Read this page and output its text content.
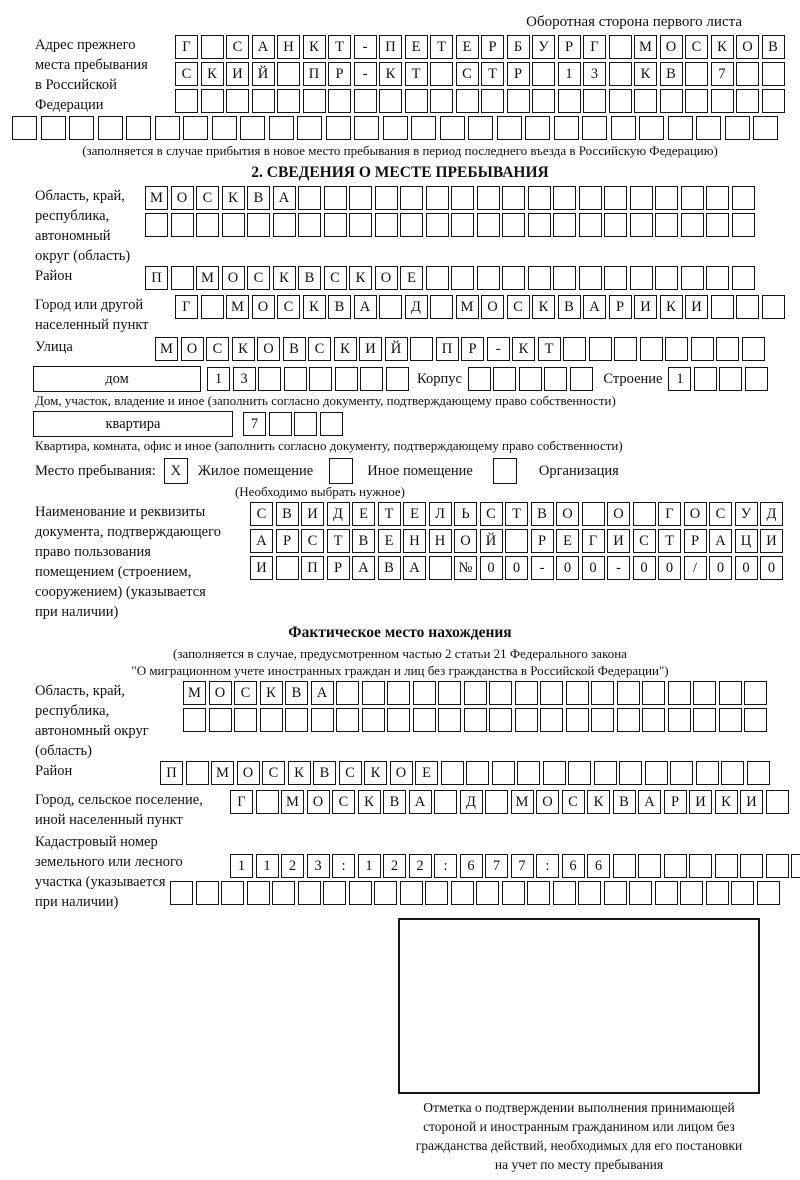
Оборотная сторона первого листа
Адрес прежнего
места пребывания
в Российской
Федерации
Г	С	А	Н	К	Т	-	П	Е	Т	Е	Р	Б	У	Р	Г	М О	С	К	О	В
С	К	И	Й	П	Р	-	К	Т	С	Т	Р	1	3	К	В	7
(заполняется в случае прибытия в новое место пребывания в период последнего въезда в Российскую Федерацию)
2. СВЕДЕНИЯ О МЕСТЕ ПРЕБЫВАНИЯ
Область, край,
республика,
автономный
округ (область)
М О	С	К	В	А
Район	П	М О	С	К	В	С	К	О	Е
Город или другой
населенный пункт
Г	М О	С	К	В	А	Д	М О	С	К	В	А	Р	И	К	И
Улица	М О	С	К	О	В	С	К	И	Й	П	Р	-	К	Т
дом	1	3	Корпус	Строение 1
Дом, участок, владение и иное (заполнить согласно документу, подтверждающему право собственности)
квартира	7
Квартира, комната, офис и иное (заполнить согласно документу, подтверждающему право собственности)
Место пребывания:	X	Жилое помещение	Иное помещение	Организация
(Необходимо выбрать нужное)
Наименование и реквизиты
документа, подтверждающего
право пользования
помещением (строением,
сооружением) (указывается
при наличии)
С	В	И	Д	Е	Т	Е	Л	Ь	С	Т	В	О	О	Г	О	С	У	Д
А	Р	С	Т	В	Е	Н	Н	О	Й	Р	Е	Г	И	С	Т	Р	А	Ц	И
И	П	Р	А	В	А	№	0	0	-	0	0	-	0	0	/	0	0	0
Фактическое место нахождения
(заполняется в случае, предусмотренном частью 2 статьи 21 Федерального закона
"О миграционном учете иностранных граждан и лиц без гражданства в Российской Федерации")
Область, край,
республика,
автономный округ
(область)
М О	С	К	В	А
Район	П	М О	С	К	В	С	К	О	Е
Город, сельское поселение,
иной населенный пункт
Г	М О	С	К	В	А	Д	М О	С	К	В	А	Р	И	К	И
Кадастровый номер
земельного или лесного
участка (указывается
при наличии)
1	1	2	3	:	1	2	2	:	6	7	7	:	6	6
Отметка о подтверждении выполнения принимающей
стороной и иностранным гражданином или лицом без
гражданства действий, необходимых для его постановки
на учет по месту пребывания
